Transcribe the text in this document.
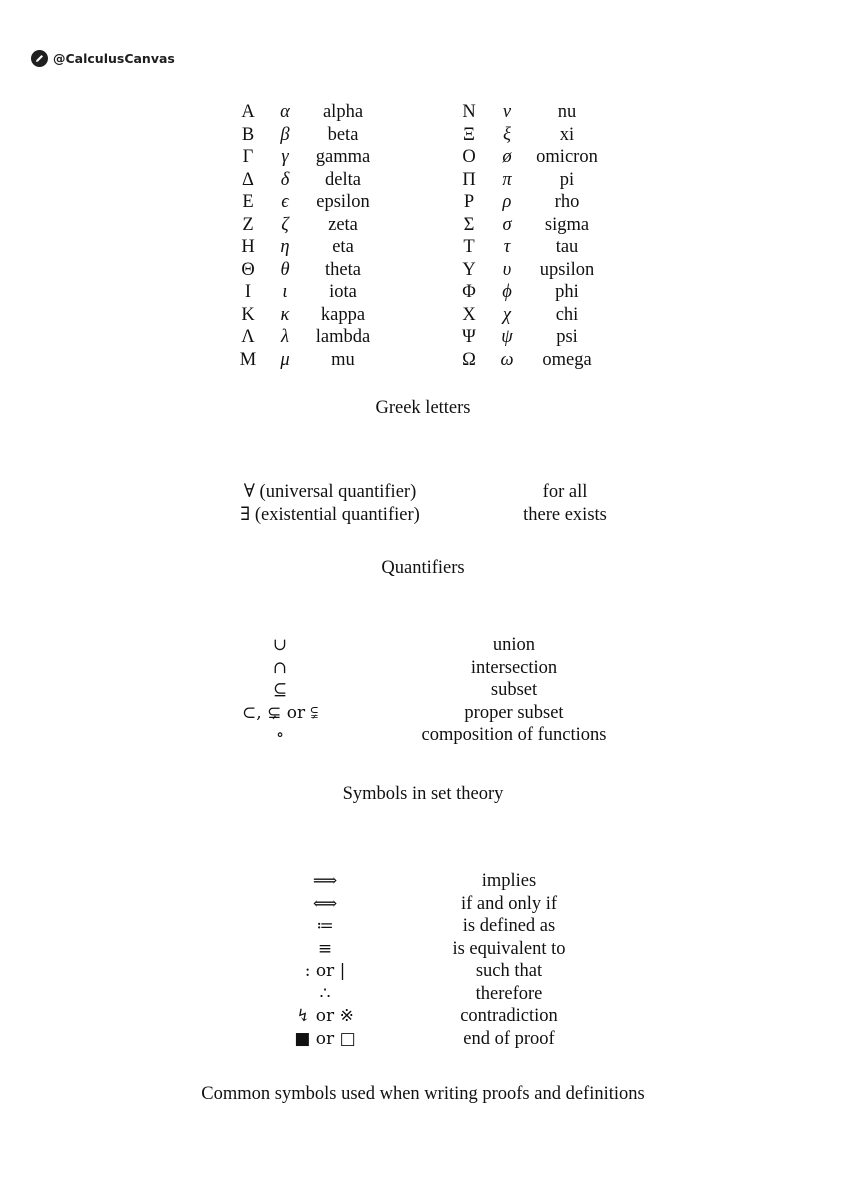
@CalculusCanvas
A	α	alpha
B	β	beta
Γ	γ	gamma
Δ	δ	delta
E	ϵ	epsilon
Z	ζ	zeta
H	η	eta
Θ	θ	theta
I	ι	iota
K	κ	kappa
Λ	λ	lambda
M	μ	mu
N	ν	nu
Ξ	ξ	xi
O	ø	omicron
Π	π	pi
P	ρ	rho
Σ	σ	sigma
T	τ	tau
Υ	υ	upsilon
Φ	ϕ	phi
X	χ	chi
Ψ	ψ	psi
Ω	ω	omega
Greek letters
∀ (universal quantifier)	for all
∃ (existential quantifier)	there exists
Quantifiers
∪	union
∩	intersection
⊆	subset
⊂, ⊊ or ⫋	proper subset
∘	composition of functions
Symbols in set theory
⟹	implies
⟺	if and only if
≔	is defined as
≡	is equivalent to
: or |	such that
∴	therefore
↯ or ※	contradiction
■ or □	end of proof
Common symbols used when writing proofs and definitions
